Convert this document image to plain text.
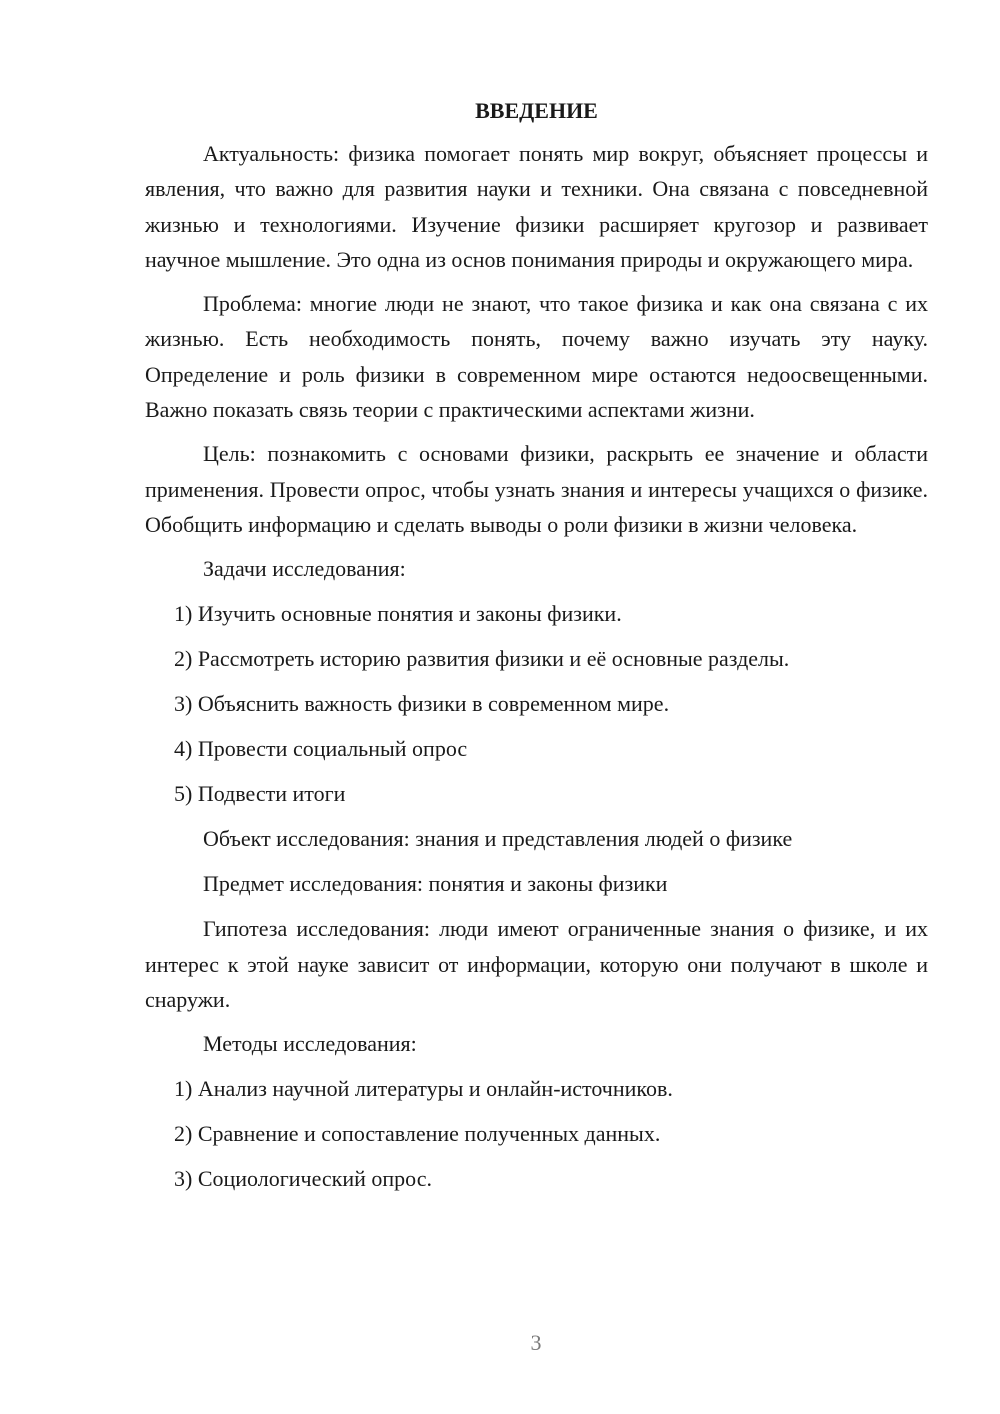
ВВЕДЕНИЕ

Актуальность: физика помогает понять мир вокруг, объясняет процессы и явления, что важно для развития науки и техники. Она связана с повседневной жизнью и технологиями. Изучение физики расширяет кругозор и развивает научное мышление. Это одна из основ понимания природы и окружающего мира.

Проблема: многие люди не знают, что такое физика и как она связана с их жизнью. Есть необходимость понять, почему важно изучать эту науку. Определение и роль физики в современном мире остаются недоосвещенными. Важно показать связь теории с практическими аспектами жизни.

Цель: познакомить с основами физики, раскрыть ее значение и области применения. Провести опрос, чтобы узнать знания и интересы учащихся о физике. Обобщить информацию и сделать выводы о роли физики в жизни человека.

Задачи исследования:
1) Изучить основные понятия и законы физики.
2) Рассмотреть историю развития физики и её основные разделы.
3) Объяснить важность физики в современном мире.
4) Провести социальный опрос
5) Подвести итоги
Объект исследования: знания и представления людей о физике
Предмет исследования: понятия и законы физики

Гипотеза исследования: люди имеют ограниченные знания о физике, и их интерес к этой науке зависит от информации, которую они получают в школе и снаружи.

Методы исследования:
1) Анализ научной литературы и онлайн-источников.
2) Сравнение и сопоставление полученных данных.
3) Социологический опрос.
3
